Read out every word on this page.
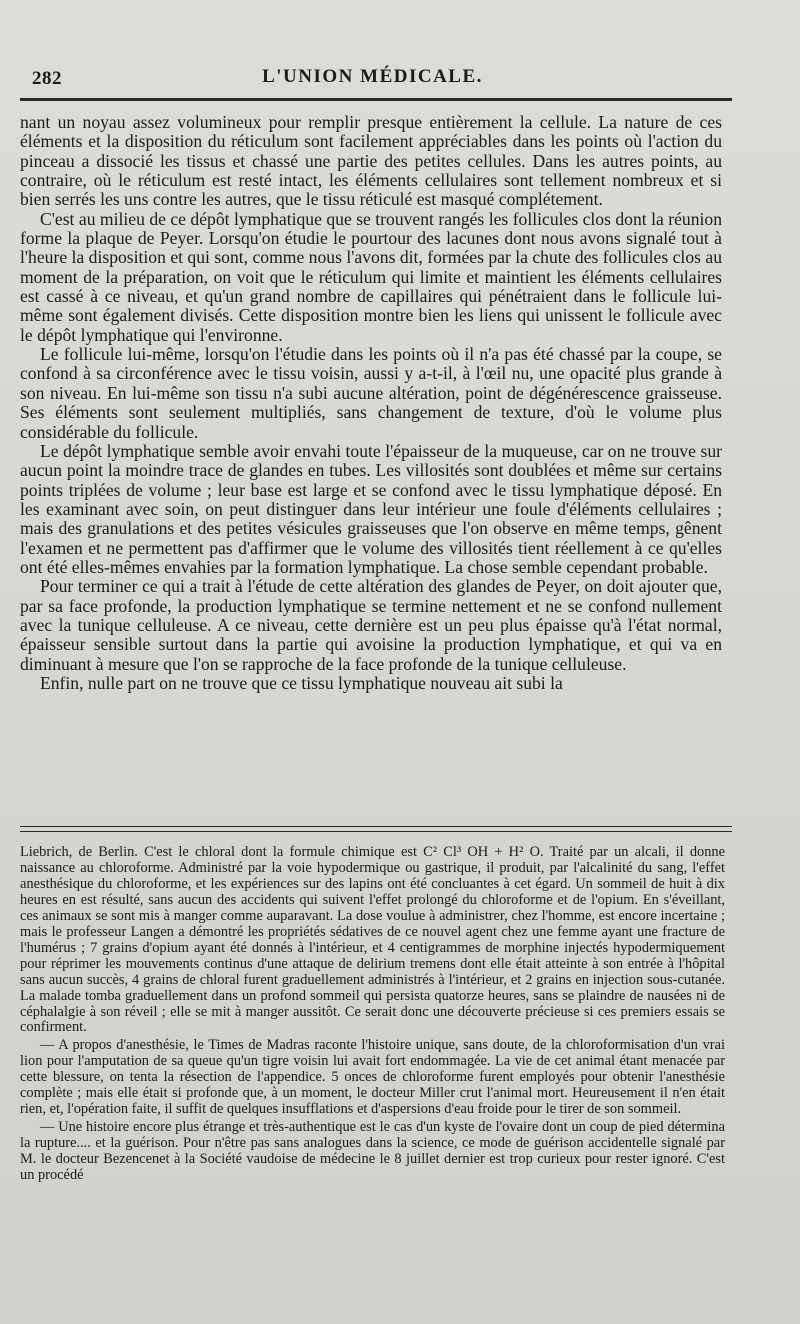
282	L'UNION MÉDICALE.

nant un noyau assez volumineux pour remplir presque entièrement la cellule. La nature de ces éléments et la disposition du réticulum sont facilement appréciables dans les points où l'action du pinceau a dissocié les tissus et chassé une partie des petites cellules. Dans les autres points, au contraire, où le réticulum est resté intact, les éléments cellulaires sont tellement nombreux et si bien serrés les uns contre les autres, que le tissu réticulé est masqué complétement.

C'est au milieu de ce dépôt lymphatique que se trouvent rangés les follicules clos dont la réunion forme la plaque de Peyer. Lorsqu'on étudie le pourtour des lacunes dont nous avons signalé tout à l'heure la disposition et qui sont, comme nous l'avons dit, formées par la chute des follicules clos au moment de la préparation, on voit que le réticulum qui limite et maintient les éléments cellulaires est cassé à ce niveau, et qu'un grand nombre de capillaires qui pénétraient dans le follicule lui-même sont également divisés. Cette disposition montre bien les liens qui unissent le follicule avec le dépôt lymphatique qui l'environne.

Le follicule lui-même, lorsqu'on l'étudie dans les points où il n'a pas été chassé par la coupe, se confond à sa circonférence avec le tissu voisin, aussi y a-t-il, à l'œil nu, une opacité plus grande à son niveau. En lui-même son tissu n'a subi aucune altération, point de dégénérescence graisseuse. Ses éléments sont seulement multipliés, sans changement de texture, d'où le volume plus considérable du follicule.

Le dépôt lymphatique semble avoir envahi toute l'épaisseur de la muqueuse, car on ne trouve sur aucun point la moindre trace de glandes en tubes. Les villosités sont doublées et même sur certains points triplées de volume ; leur base est large et se confond avec le tissu lymphatique déposé. En les examinant avec soin, on peut distinguer dans leur intérieur une foule d'éléments cellulaires ; mais des granulations et des petites vésicules graisseuses que l'on observe en même temps, gênent l'examen et ne permettent pas d'affirmer que le volume des villosités tient réellement à ce qu'elles ont été elles-mêmes envahies par la formation lymphatique. La chose semble cependant probable.

Pour terminer ce qui a trait à l'étude de cette altération des glandes de Peyer, on doit ajouter que, par sa face profonde, la production lymphatique se termine nettement et ne se confond nullement avec la tunique celluleuse. A ce niveau, cette dernière est un peu plus épaisse qu'à l'état normal, épaisseur sensible surtout dans la partie qui avoisine la production lymphatique, et qui va en diminuant à mesure que l'on se rapproche de la face profonde de la tunique celluleuse.

Enfin, nulle part on ne trouve que ce tissu lymphatique nouveau ait subi la

Liebrich, de Berlin. C'est le chloral dont la formule chimique est C² Cl³ OH + H² O. Traité par un alcali, il donne naissance au chloroforme. Administré par la voie hypodermique ou gastrique, il produit, par l'alcalinité du sang, l'effet anesthésique du chloroforme, et les expériences sur des lapins ont été concluantes à cet égard. Un sommeil de huit à dix heures en est résulté, sans aucun des accidents qui suivent l'effet prolongé du chloroforme et de l'opium. En s'éveillant, ces animaux se sont mis à manger comme auparavant. La dose voulue à administrer, chez l'homme, est encore incertaine ; mais le professeur Langen a démontré les propriétés sédatives de ce nouvel agent chez une femme ayant une fracture de l'humérus ; 7 grains d'opium ayant été donnés à l'intérieur, et 4 centigrammes de morphine injectés hypodermiquement pour réprimer les mouvements continus d'une attaque de delirium tremens dont elle était atteinte à son entrée à l'hôpital sans aucun succès, 4 grains de chloral furent graduellement administrés à l'intérieur, et 2 grains en injection sous-cutanée. La malade tomba graduellement dans un profond sommeil qui persista quatorze heures, sans se plaindre de nausées ni de céphalalgie à son réveil ; elle se mit à manger aussitôt. Ce serait donc une découverte précieuse si ces premiers essais se confirment.

— A propos d'anesthésie, le Times de Madras raconte l'histoire unique, sans doute, de la chloroformisation d'un vrai lion pour l'amputation de sa queue qu'un tigre voisin lui avait fort endommagée. La vie de cet animal étant menacée par cette blessure, on tenta la résection de l'appendice. 5 onces de chloroforme furent employés pour obtenir l'anesthésie complète ; mais elle était si profonde que, à un moment, le docteur Miller crut l'animal mort. Heureusement il n'en était rien, et, l'opération faite, il suffit de quelques insufflations et d'aspersions d'eau froide pour le tirer de son sommeil.

— Une histoire encore plus étrange et très-authentique est le cas d'un kyste de l'ovaire dont un coup de pied détermina la rupture.... et la guérison. Pour n'être pas sans analogues dans la science, ce mode de guérison accidentelle signalé par M. le docteur Bezencenet à la Société vaudoise de médecine le 8 juillet dernier est trop curieux pour rester ignoré. C'est un procédé
